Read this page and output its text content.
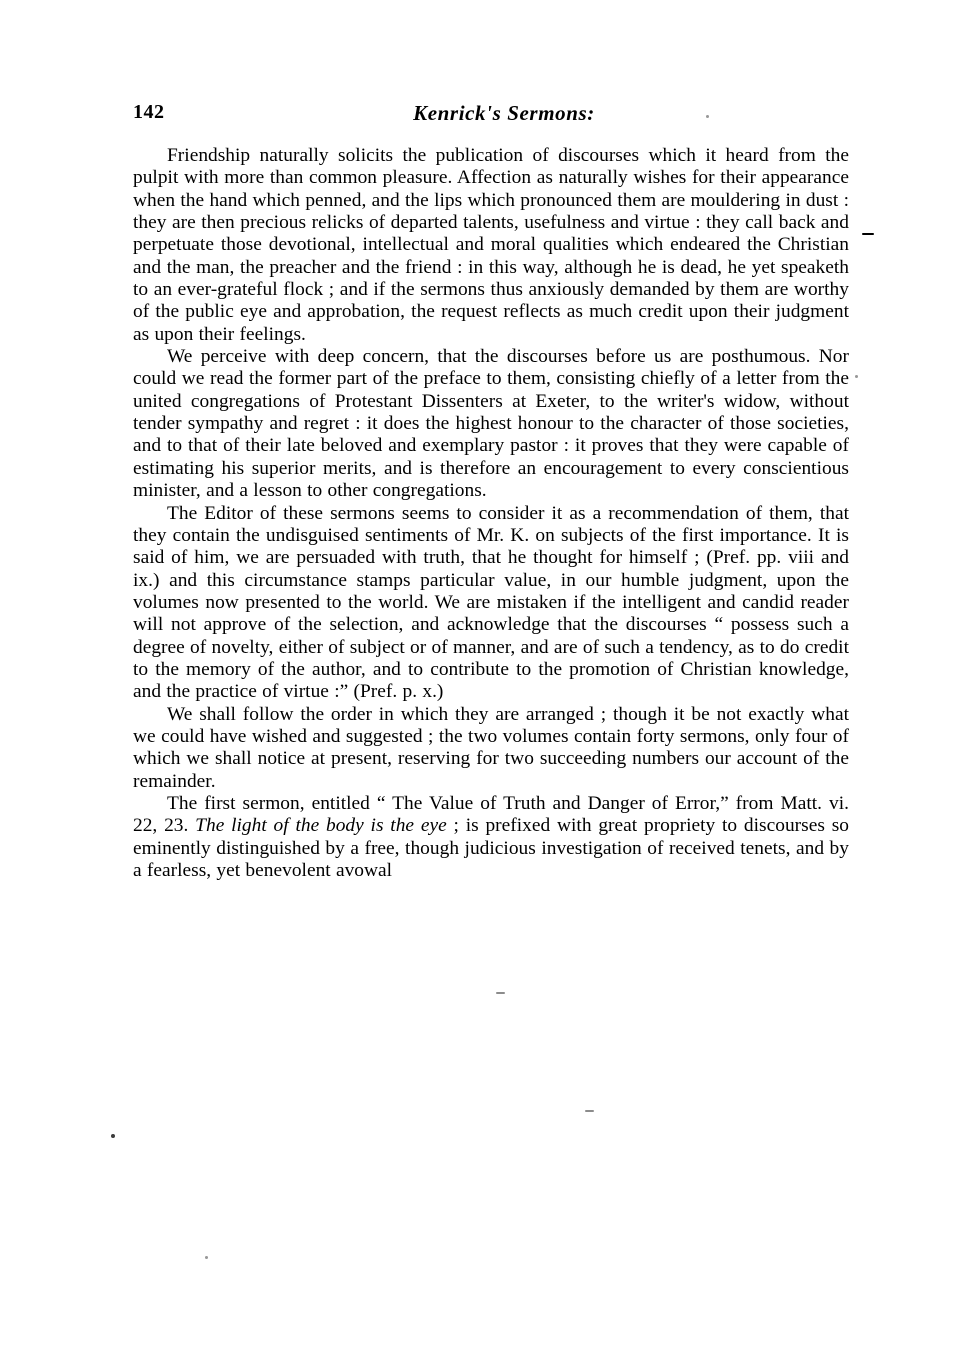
142	Kenrick's Sermons:

Friendship naturally solicits the publication of discourses which it heard from the pulpit with more than common pleasure. Affection as naturally wishes for their appearance when the hand which penned, and the lips which pronounced them are mouldering in dust : they are then precious relicks of departed talents, usefulness and virtue : they call back and perpetuate those devotional, intellectual and moral qualities which endeared the Christian and the man, the preacher and the friend : in this way, although he is dead, he yet speaketh to an ever-grateful flock ; and if the sermons thus anxiously demanded by them are worthy of the public eye and approbation, the request reflects as much credit upon their judgment as upon their feelings.

We perceive with deep concern, that the discourses before us are posthumous. Nor could we read the former part of the preface to them, consisting chiefly of a letter from the united congregations of Protestant Dissenters at Exeter, to the writer's widow, without tender sympathy and regret : it does the highest honour to the character of those societies, and to that of their late beloved and exemplary pastor : it proves that they were capable of estimating his superior merits, and is therefore an encouragement to every conscientious minister, and a lesson to other congregations.

The Editor of these sermons seems to consider it as a recommendation of them, that they contain the undisguised sentiments of Mr. K. on subjects of the first importance. It is said of him, we are persuaded with truth, that he thought for himself ; (Pref. pp. viii and ix.) and this circumstance stamps particular value, in our humble judgment, upon the volumes now presented to the world. We are mistaken if the intelligent and candid reader will not approve of the selection, and acknowledge that the discourses “ possess such a degree of novelty, either of subject or of manner, and are of such a tendency, as to do credit to the memory of the author, and to contribute to the promotion of Christian knowledge, and the practice of virtue :” (Pref. p. x.)

We shall follow the order in which they are arranged ; though it be not exactly what we could have wished and suggested ; the two volumes contain forty sermons, only four of which we shall notice at present, reserving for two succeeding numbers our account of the remainder.

The first sermon, entitled “ The Value of Truth and Danger of Error,” from Matt. vi. 22, 23. The light of the body is the eye ; is prefixed with great propriety to discourses so eminently distinguished by a free, though judicious investigation of received tenets, and by a fearless, yet benevolent avowal
